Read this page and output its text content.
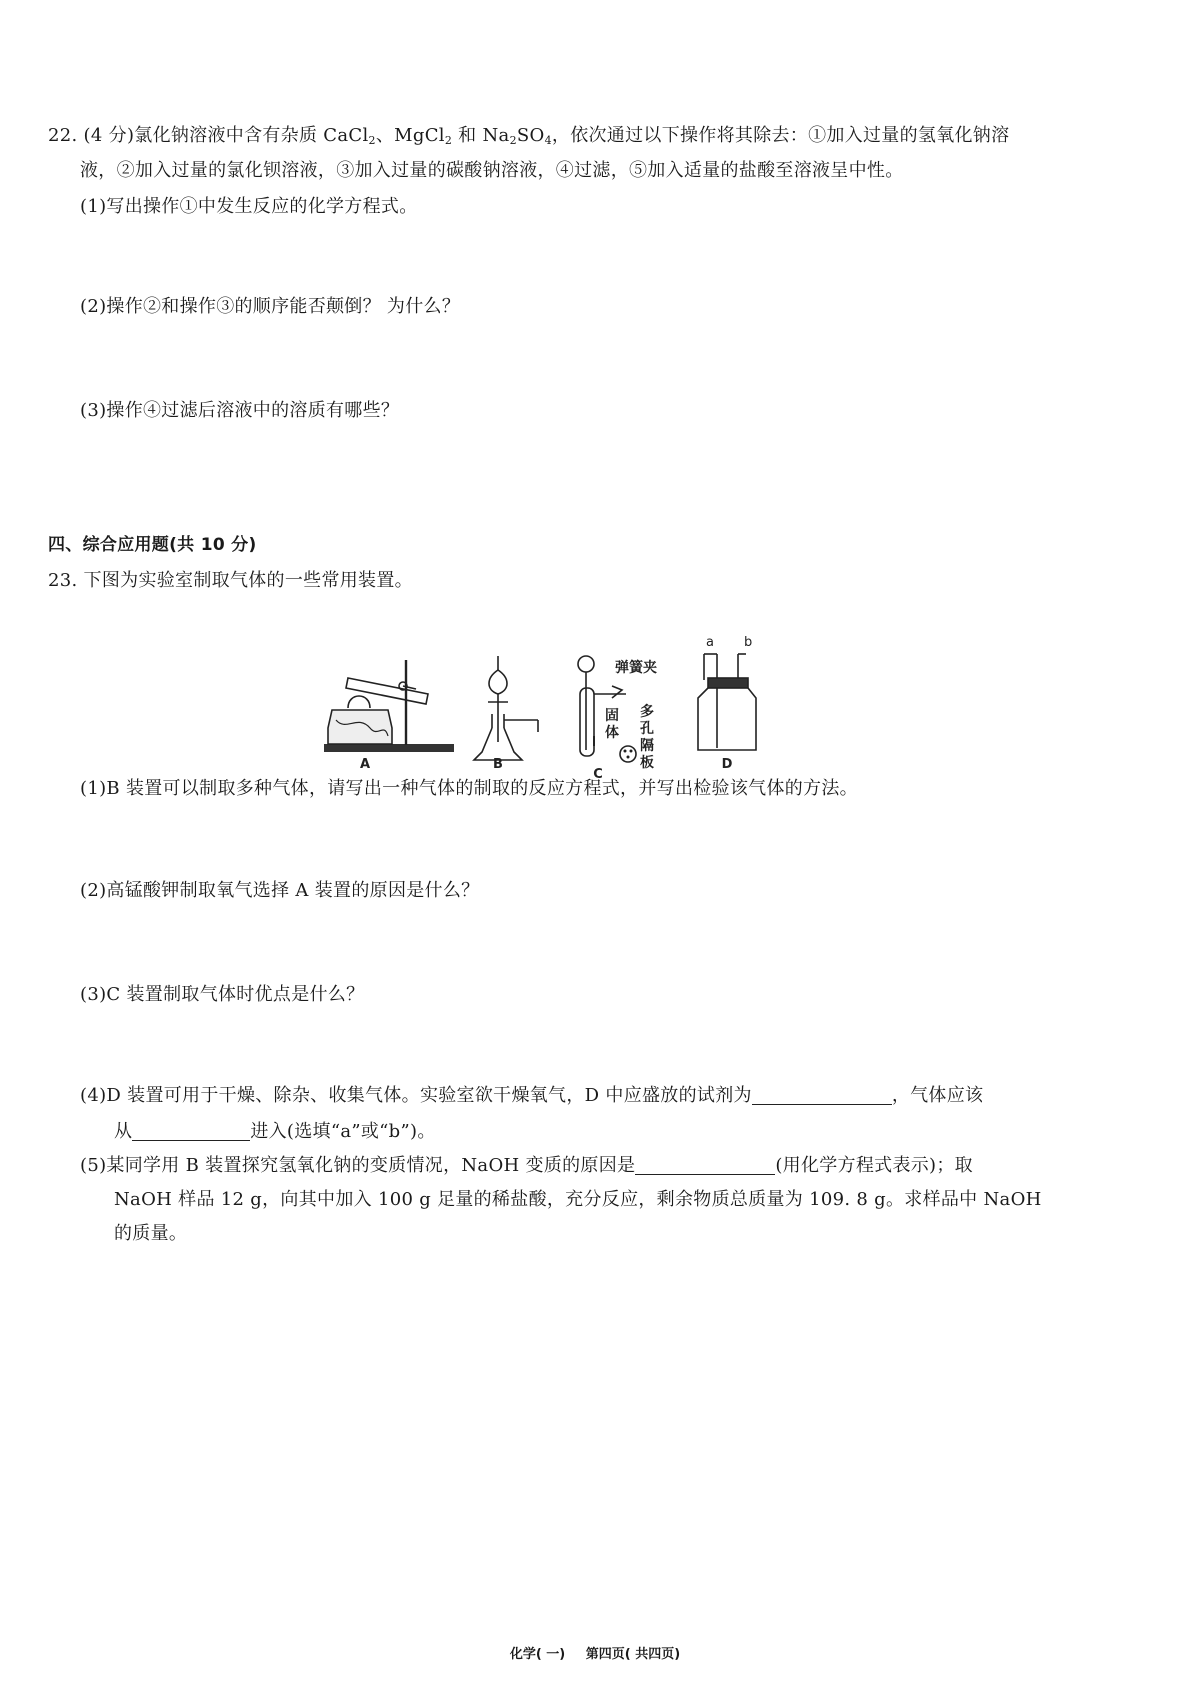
22. (4 分)氯化钠溶液中含有杂质 CaCl$_2$、MgCl$_2$ 和 $Na_2SO_4$，依次通过以下操作将其除去：①加入过量的氢氧化钠溶
液，②加入过量的氯化钡溶液，③加入过量的碳酸钠溶液，④过滤，⑤加入适量的盐酸至溶液呈中性。
(1)写出操作①中发生反应的化学方程式。
(2)操作②和操作③的顺序能否颠倒？ 为什么？
(3)操作④过滤后溶液中的溶质有哪些？
四、综合应用题(共 10 分)
23. 下图为实验室制取气体的一些常用装置。
A	B
弹簧夹
固
体
多
孔
隔
板
C
a b
D
(1)B 装置可以制取多种气体，请写出一种气体的制取的反应方程式，并写出检验该气体的方法。
(2)高锰酸钾制取氧气选择 A 装置的原因是什么？
(3)C 装置制取气体时优点是什么？
(4)D 装置可用于干燥、除杂、收集气体。实验室欲干燥氧气，D 中应盛放的试剂为	，气体应该
从	进入(选填“a”或“b”)。
(5)某同学用 B 装置探究氢氧化钠的变质情况，NaOH 变质的原因是	(用化学方程式表示)；取
NaOH 样品 12 g，向其中加入 100 g 足量的稀盐酸，充分反应，剩余物质总质量为 109. 8 g。求样品中 NaOH
的质量。
化学( 一) 第四页( 共四页)
